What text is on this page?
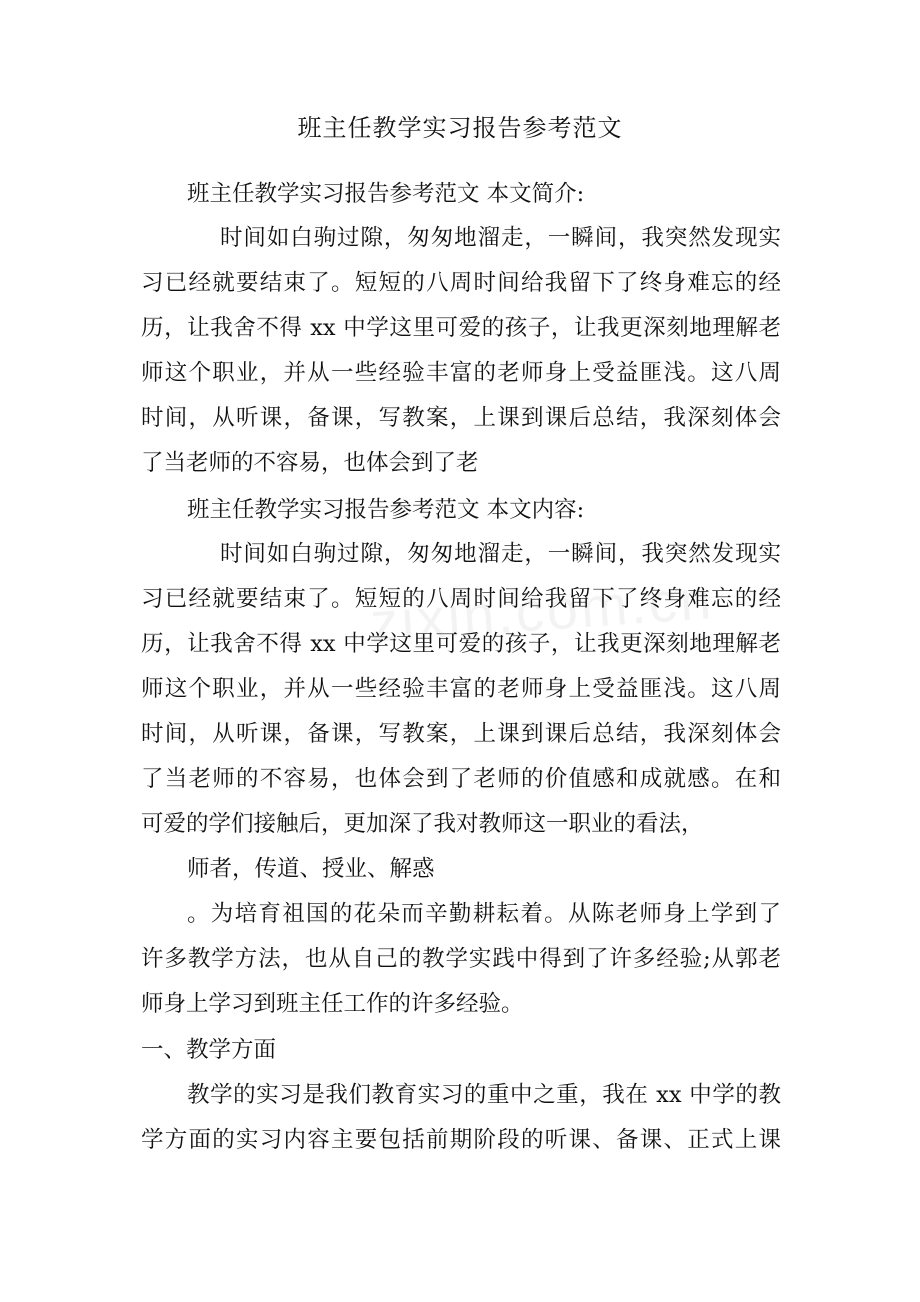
班主任教学实习报告参考范文
班主任教学实习报告参考范文 本文简介:
时间如白驹过隙，匆匆地溜走，一瞬间，我突然发现实
习已经就要结束了。短短的八周时间给我留下了终身难忘的经
历，让我舍不得 xx 中学这里可爱的孩子，让我更深刻地理解老
师这个职业，并从一些经验丰富的老师身上受益匪浅。这八周
时间，从听课，备课，写教案，上课到课后总结，我深刻体会
了当老师的不容易，也体会到了老
班主任教学实习报告参考范文 本文内容:
时间如白驹过隙，匆匆地溜走，一瞬间，我突然发现实
习已经就要结束了。短短的八周时间给我留下了终身难忘的经
历，让我舍不得 xx 中学这里可爱的孩子，让我更深刻地理解老
师这个职业，并从一些经验丰富的老师身上受益匪浅。这八周
时间，从听课，备课，写教案，上课到课后总结，我深刻体会
了当老师的不容易，也体会到了老师的价值感和成就感。在和
可爱的学们接触后，更加深了我对教师这一职业的看法，
师者，传道、授业、解惑
。为培育祖国的花朵而辛勤耕耘着。从陈老师身上学到了
许多教学方法，也从自己的教学实践中得到了许多经验;从郭老
师身上学习到班主任工作的许多经验。
一、教学方面
教学的实习是我们教育实习的重中之重，我在 xx 中学的教
学方面的实习内容主要包括前期阶段的听课、备课、正式上课
